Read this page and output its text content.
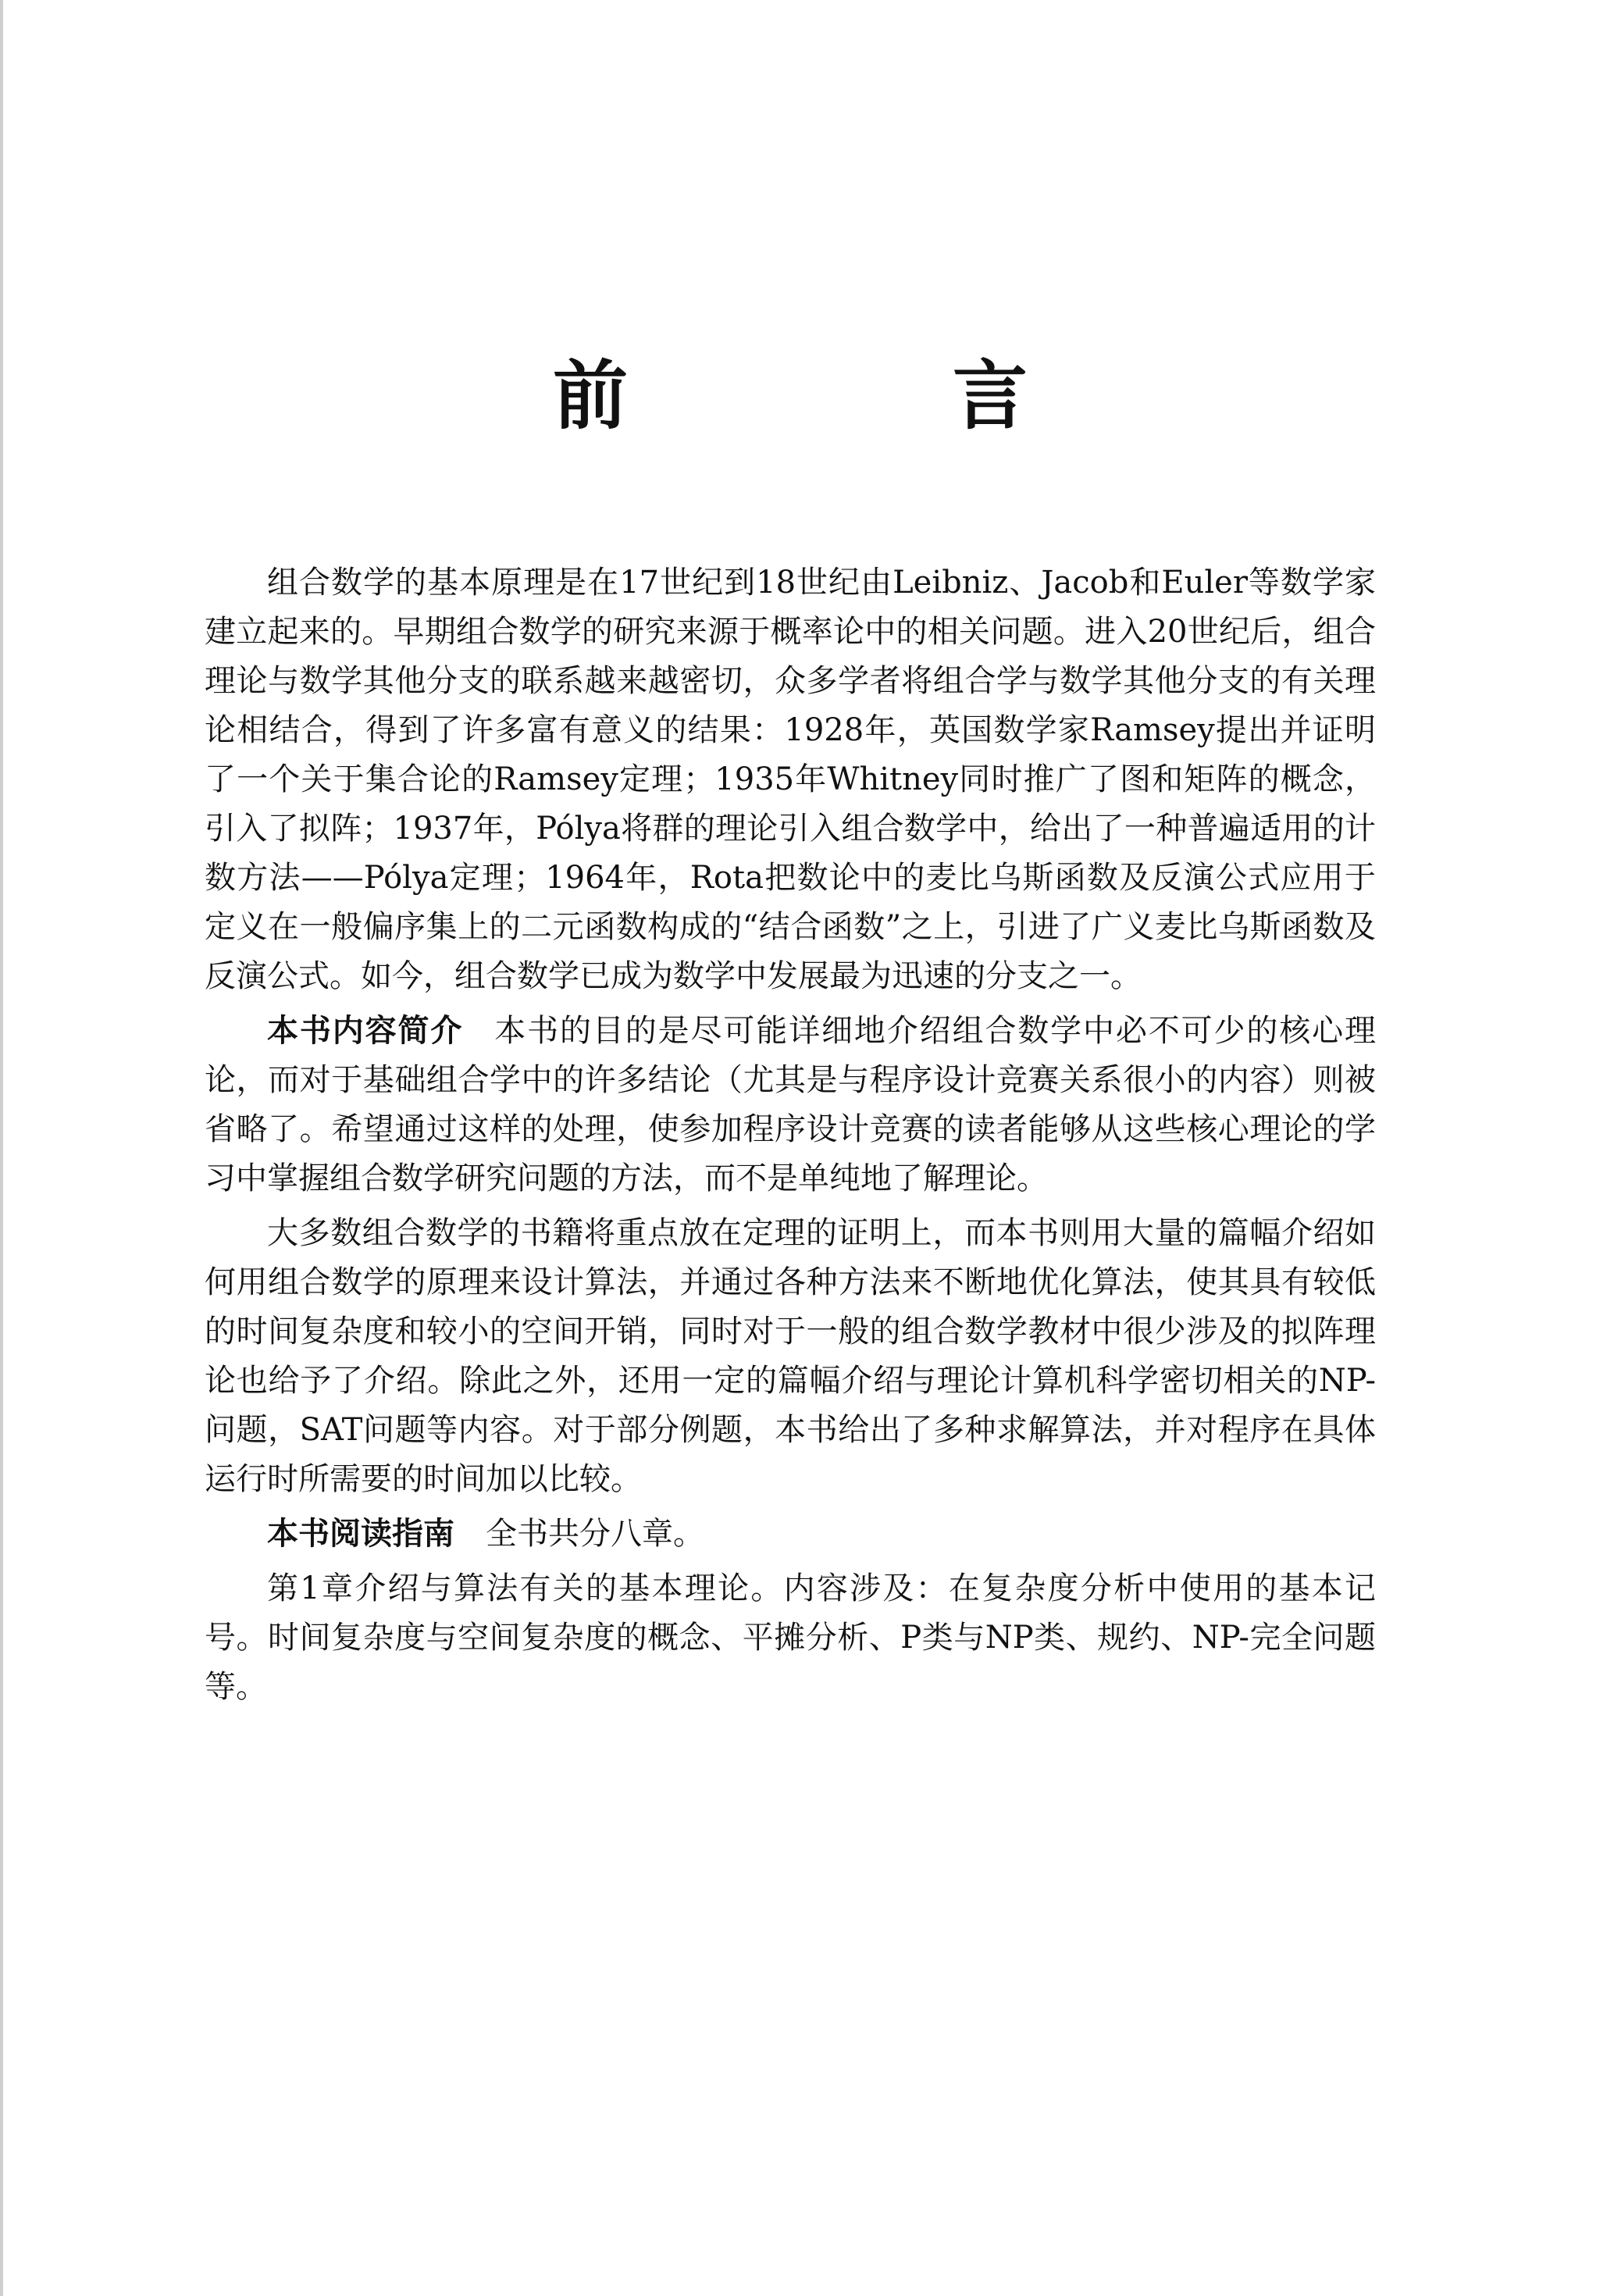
前　言

组合数学的基本原理是在17世纪到18世纪由Leibniz、Jacob和Euler等数学家建立起来的。早期组合数学的研究来源于概率论中的相关问题。进入20世纪后，组合理论与数学其他分支的联系越来越密切，众多学者将组合学与数学其他分支的有关理论相结合，得到了许多富有意义的结果：1928年，英国数学家Ramsey提出并证明了一个关于集合论的Ramsey定理；1935年Whitney同时推广了图和矩阵的概念，引入了拟阵；1937年，Pólya将群的理论引入组合数学中，给出了一种普遍适用的计数方法——Pólya定理；1964年，Rota把数论中的麦比乌斯函数及反演公式应用于定义在一般偏序集上的二元函数构成的“结合函数”之上，引进了广义麦比乌斯函数及反演公式。如今，组合数学已成为数学中发展最为迅速的分支之一。

本书内容简介 本书的目的是尽可能详细地介绍组合数学中必不可少的核心理论，而对于基础组合学中的许多结论（尤其是与程序设计竞赛关系很小的内容）则被省略了。希望通过这样的处理，使参加程序设计竞赛的读者能够从这些核心理论的学习中掌握组合数学研究问题的方法，而不是单纯地了解理论。

大多数组合数学的书籍将重点放在定理的证明上，而本书则用大量的篇幅介绍如何用组合数学的原理来设计算法，并通过各种方法来不断地优化算法，使其具有较低的时间复杂度和较小的空间开销，同时对于一般的组合数学教材中很少涉及的拟阵理论也给予了介绍。除此之外，还用一定的篇幅介绍与理论计算机科学密切相关的NP-问题，SAT问题等内容。对于部分例题，本书给出了多种求解算法，并对程序在具体运行时所需要的时间加以比较。

本书阅读指南 全书共分八章。

第1章介绍与算法有关的基本理论。内容涉及：在复杂度分析中使用的基本记号。时间复杂度与空间复杂度的概念、平摊分析、P类与NP类、规约、NP-完全问题等。
